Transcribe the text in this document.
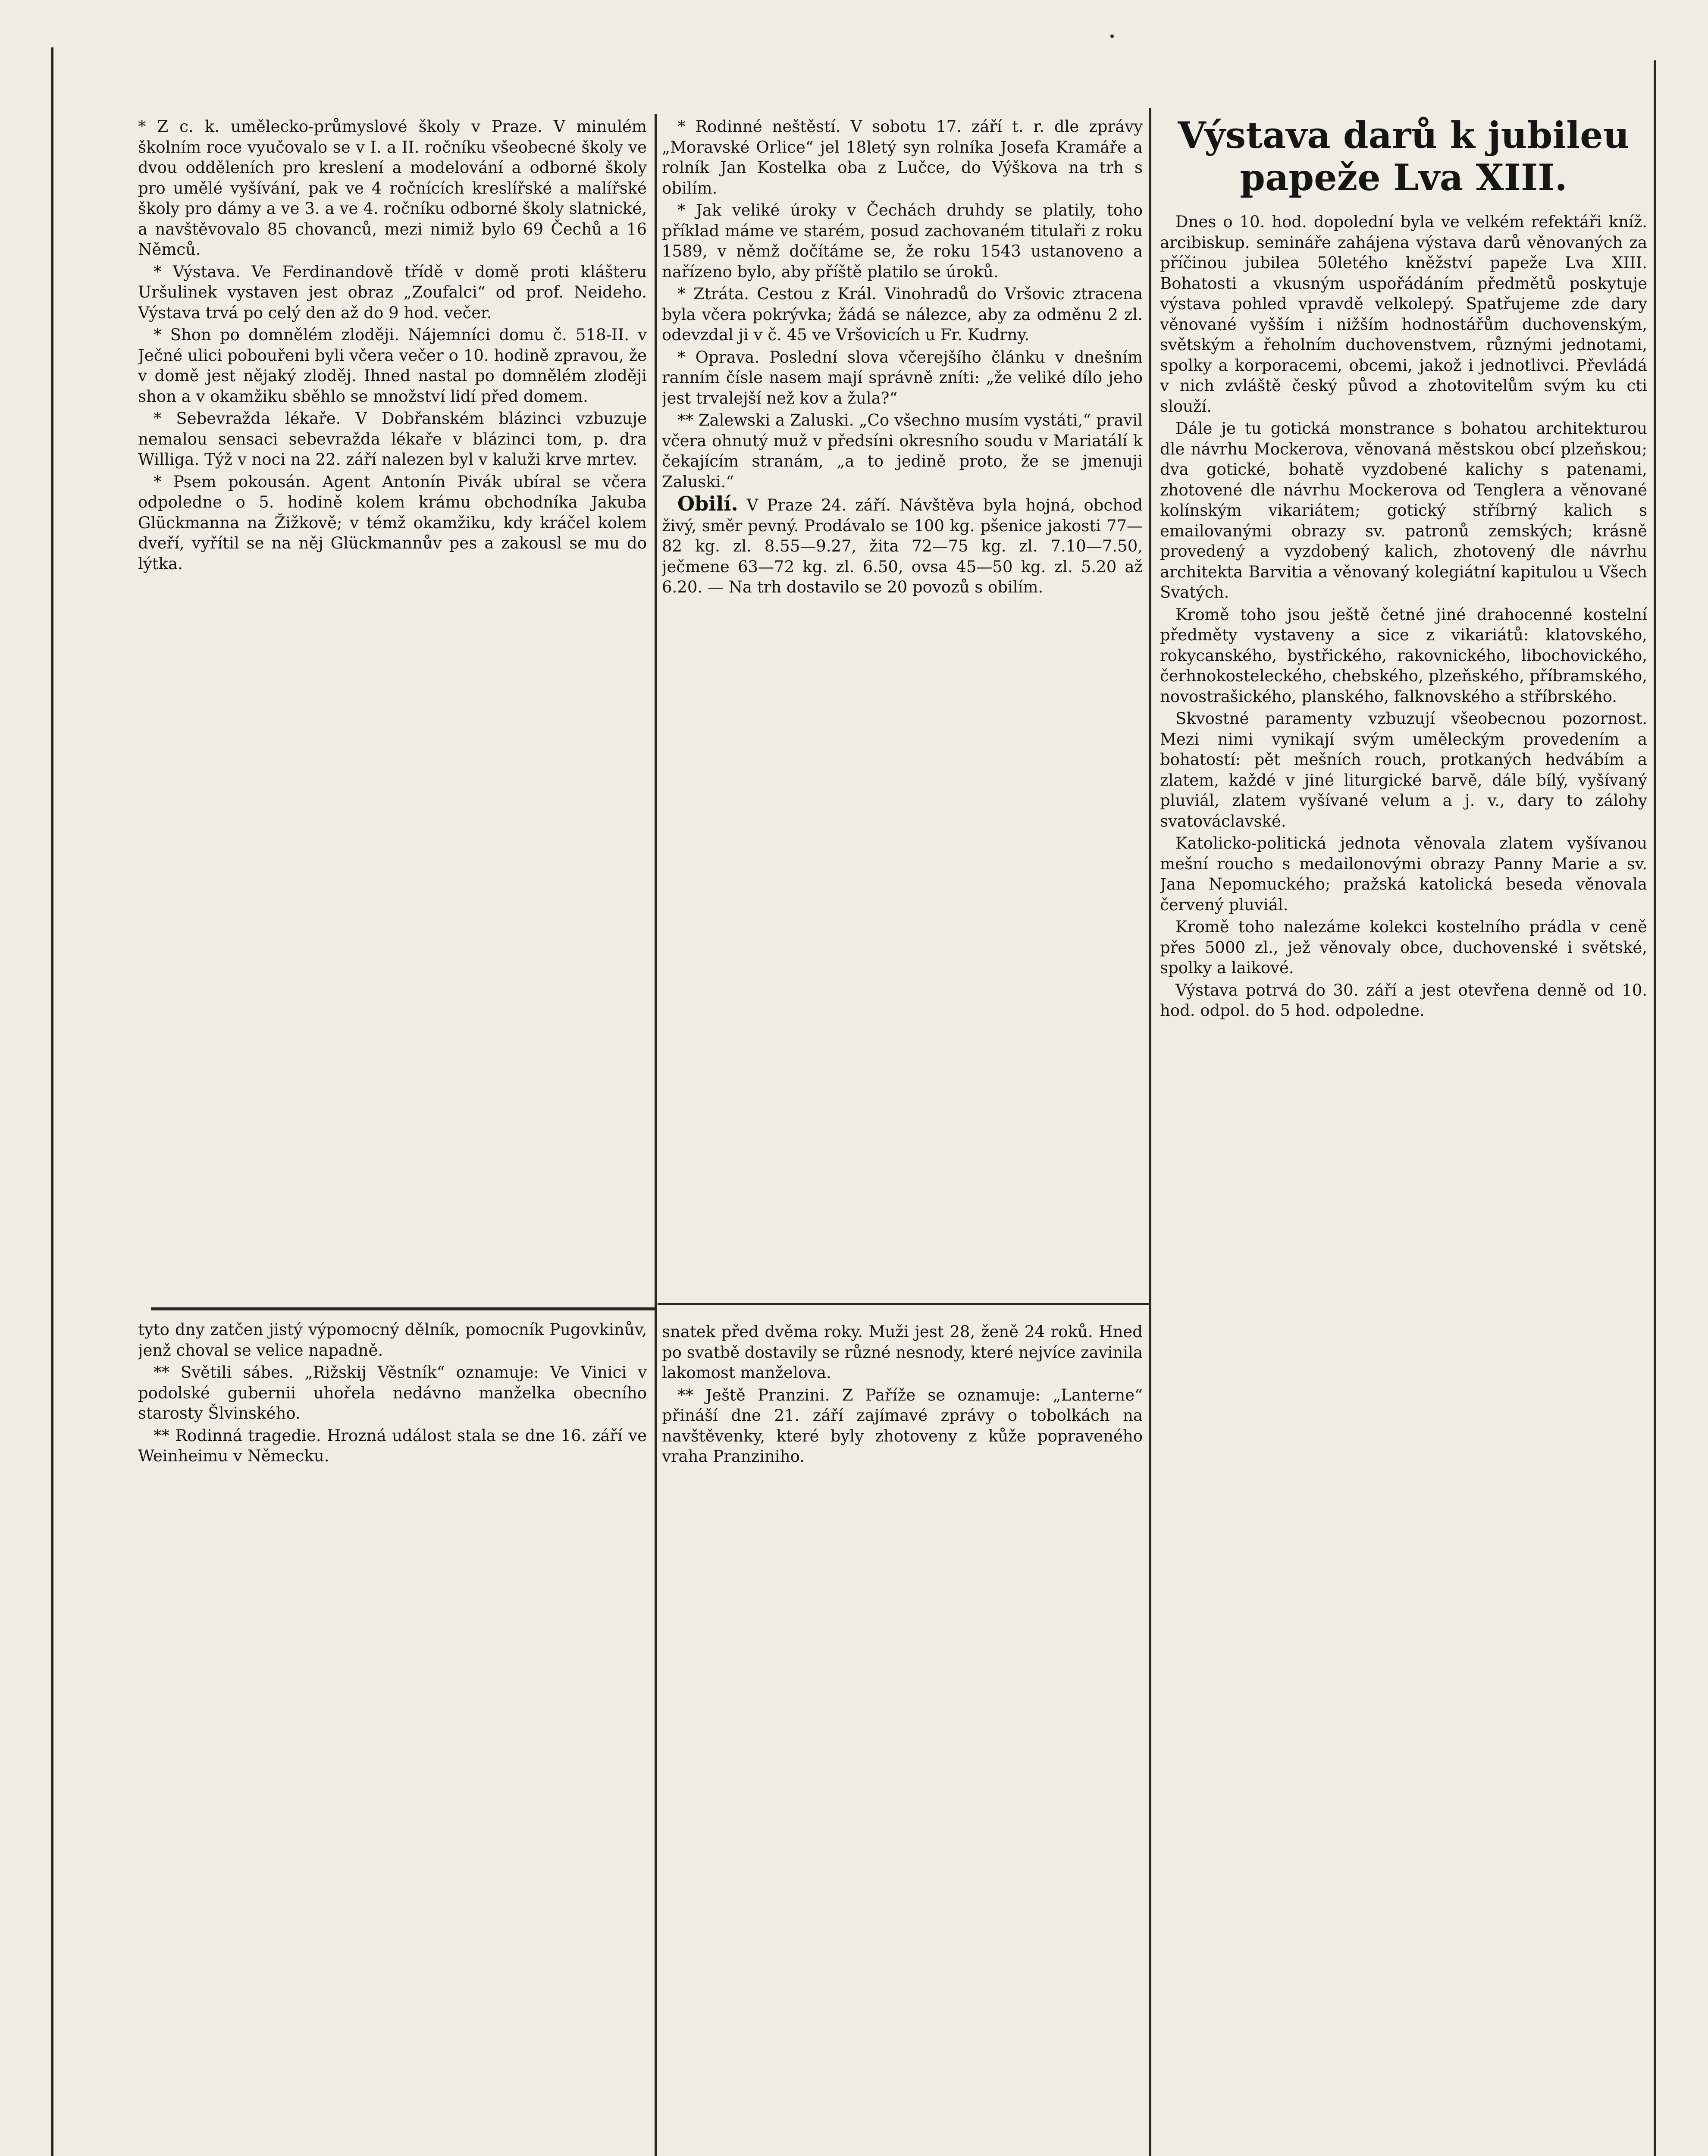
* Z c. k. umělecko-průmyslové školy v Praze. V minulém školním roce vyučovalo se v I. a II. ročníku všeobecné školy ve dvou odděleních pro kreslení a modelování a odborné školy pro umělé vyšívání, pak ve 4 ročnících kreslířské a malířské školy pro dámy a ve 3. a ve 4. ročníku odborné školy slatnické, a navštěvovalo 85 chovanců, mezi nimiž bylo 69 Čechů a 16 Němců.

* Výstava. Ve Ferdinandově třídě v domě proti klášteru Uršulinek vystaven jest obraz „Zoufalci“ od prof. Neideho. Výstava trvá po celý den až do 9 hod. večer.

* Shon po domnělém zloději. Nájemníci domu č. 518-II. v Ječné ulici pobouřeni byli včera večer o 10. hodině zpravou, že v domě jest nějaký zloděj. Ihned nastal po domnělém zloději shon a v okamžiku sběhlo se množství lidí před domem.

* Sebevražda lékaře. V Dobřanském blázinci vzbuzuje nemalou sensaci sebevražda lékaře v blázinci tom, p. dra Williga. Týž v noci na 22. září nalezen byl v kaluži krve mrtev.

* Psem pokousán. Agent Antonín Pivák ubíral se včera odpoledne o 5. hodině kolem krámu obchodníka Jakuba Glückmanna na Žižkově; v témž okamžiku, kdy kráčel kolem dveří, vyřítil se na něj Glückmannův pes a zakousl se mu do lýtka.

tyto dny zatčen jistý výpomocný dělník, pomocník Pugovkinův, jenž choval se velice napadně.

** Světili sábes. „Rižskij Věstník“ oznamuje: Ve Vinici v podolské gubernii uhořela nedávno manželka obecního starosty Šlvinského.

** Rodinná tragedie. Hrozná událost stala se dne 16. září ve Weinheimu v Německu.

* Rodinné neštěstí. V sobotu 17. září t. r. dle zprávy „Moravské Orlice“ jel 18letý syn rolníka Josefa Kramáře a rolník Jan Kostelka oba z Lučce, do Výškova na trh s obilím.

* Jak veliké úroky v Čechách druhdy se platily, toho příklad máme ve starém, posud zachovaném titulaři z roku 1589, v němž dočítáme se, že roku 1543 ustanoveno a nařízeno bylo, aby příště platilo se úroků.

* Ztráta. Cestou z Král. Vinohradů do Vršovic ztracena byla včera pokrývka; žádá se nálezce, aby za odměnu 2 zl. odevzdal ji v č. 45 ve Vršovicích u Fr. Kudrny.

* Oprava. Poslední slova včerejšího článku v dnešním ranním čísle nasem mají správně zníti: „že veliké dílo jeho jest trvalejší než kov a žula?“

** Zalewski a Zaluski. „Co všechno musím vystáti,“ pravil včera ohnutý muž v předsíni okresního soudu v Mariatálí k čekajícím stranám, „a to jedině proto, že se jmenuji Zaluski.“

Obilí. V Praze 24. září. Návštěva byla hojná, obchod živý, směr pevný. Prodávalo se 100 kg. pšenice jakosti 77—82 kg. zl. 8.55—9.27, žita 72—75 kg. zl. 7.10—7.50, ječmene 63—72 kg. zl. 6.50, ovsa 45—50 kg. zl. 5.20 až 6.20. — Na trh dostavilo se 20 povozů s obilím.

snatek před dvěma roky. Muži jest 28, ženě 24 roků. Hned po svatbě dostavily se různé nesnody, které nejvíce zavinila lakomost manželova.

** Ještě Pranzini. Z Paříže se oznamuje: „Lanterne“ přináší dne 21. září zajímavé zprávy o tobolkách na navštěvenky, které byly zhotoveny z kůže popraveného vraha Pranziniho.

Výstava darů k jubileu papeže Lva XIII.

Dnes o 10. hod. dopolední byla ve velkém refektáři kníž. arcibiskup. semináře zahájena výstava darů věnovaných za příčinou jubilea 50letého kněžství papeže Lva XIII. Bohatosti a vkusným uspořádáním předmětů poskytuje výstava pohled vpravdě velkolepý. Spatřujeme zde dary věnované vyšším i nižším hodnostářům duchovenským, světským a řeholním duchovenstvem, různými jednotami, spolky a korporacemi, obcemi, jakož i jednotlivci. Převládá v nich zvláště český původ a zhotovitelům svým ku cti slouží.

Dále je tu gotická monstrance s bohatou architekturou dle návrhu Mockerova, věnovaná městskou obcí plzeňskou; dva gotické, bohatě vyzdobené kalichy s patenami, zhotovené dle návrhu Mockerova od Tenglera a věnované kolínským vikariátem; gotický stříbrný kalich s emailovanými obrazy sv. patronů zemských; krásně provedený a vyzdobený kalich, zhotovený dle návrhu architekta Barvitia a věnovaný kolegiátní kapitulou u Všech Svatých.

Kromě toho jsou ještě četné jiné drahocenné kostelní předměty vystaveny a sice z vikariátů: klatovského, rokycanského, bystřického, rakovnického, libochovického, čerhnokosteleckého, chebského, plzeňského, příbramského, novostrašického, planského, falknovského a stříbrského.

Skvostné paramenty vzbuzují všeobecnou pozornost. Mezi nimi vynikají svým uměleckým provedením a bohatostí: pět mešních rouch, protkaných hedvábím a zlatem, každé v jiné liturgické barvě, dále bílý, vyšívaný pluviál, zlatem vyšívané velum a j. v., dary to zálohy svatováclavské.

Katolicko-politická jednota věnovala zlatem vyšívanou mešní roucho s medailonovými obrazy Panny Marie a sv. Jana Nepomuckého; pražská katolická beseda věnovala červený pluviál.

Kromě toho nalezáme kolekci kostelního prádla v ceně přes 5000 zl., jež věnovaly obce, duchovenské i světské, spolky a laikové.

Výstava potrvá do 30. září a jest otevřena denně od 10. hod. odpol. do 5 hod. odpoledne.
